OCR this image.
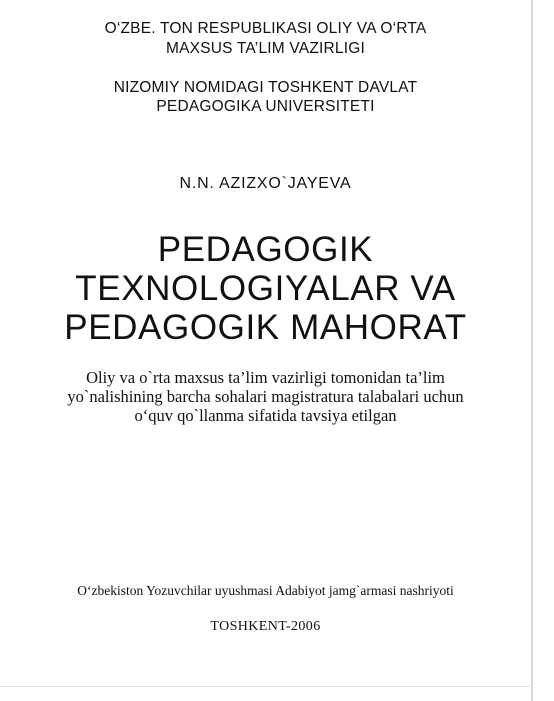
O‘ZBE. TON RESPUBLIKASI OLIY VA O‘RTA
MAXSUS TA’LIM VAZIRLIGI
NIZOMIY NOMIDAGI TOSHKENT DAVLAT
PEDAGOGIKA UNIVERSITETI
N.N. AZIZXO`JAYEVA
PEDAGOGIK
TEXNOLOGIYALAR VA
PEDAGOGIK MAHORAT
Oliy va o`rta maxsus ta’lim vazirligi tomonidan ta’lim
yo`nalishining barcha sohalari magistratura talabalari uchun
o‘quv qo`llanma sifatida tavsiya etilgan
O‘zbekiston Yozuvchilar uyushmasi Adabiyot jamg`armasi nashriyoti
TOSHKENT-2006
